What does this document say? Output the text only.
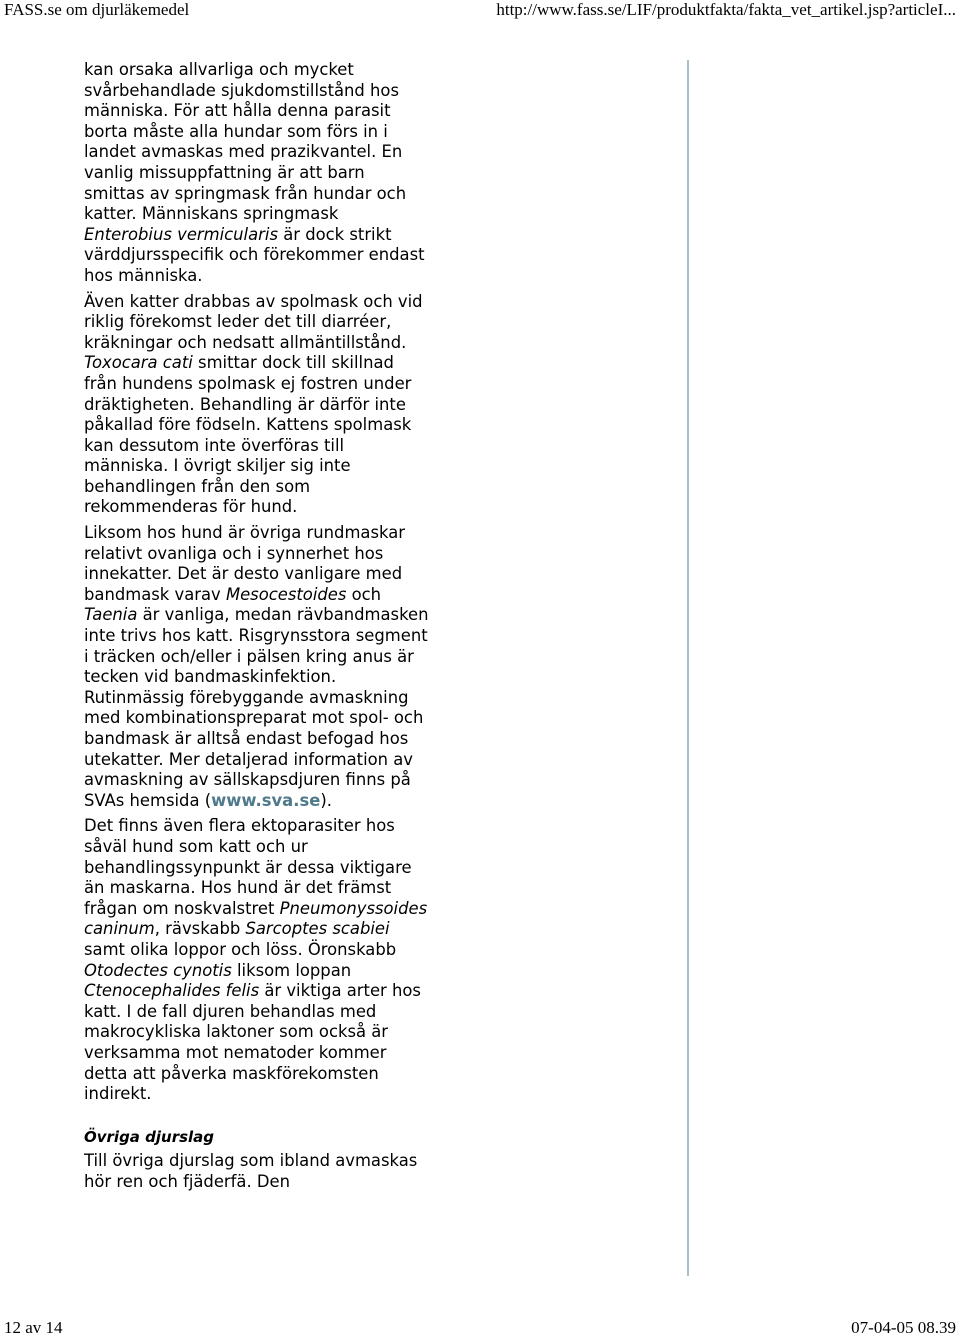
FASS.se om djurläkemedel	http://www.fass.se/LIF/produktfakta/fakta_vet_artikel.jsp?articleI...

kan orsaka allvarliga och mycket svårbehandlade sjukdomstillstånd hos människa. För att hålla denna parasit borta måste alla hundar som förs in i landet avmaskas med prazikvantel. En vanlig missuppfattning är att barn smittas av springmask från hundar och katter. Människans springmask Enterobius vermicularis är dock strikt värddjursspecifik och förekommer endast hos människa.

Även katter drabbas av spolmask och vid riklig förekomst leder det till diarréer, kräkningar och nedsatt allmäntillstånd. Toxocara cati smittar dock till skillnad från hundens spolmask ej fostren under dräktigheten. Behandling är därför inte påkallad före födseln. Kattens spolmask kan dessutom inte överföras till människa. I övrigt skiljer sig inte behandlingen från den som rekommenderas för hund.

Liksom hos hund är övriga rundmaskar relativt ovanliga och i synnerhet hos innekatter. Det är desto vanligare med bandmask varav Mesocestoides och Taenia är vanliga, medan rävbandmasken inte trivs hos katt. Risgrynsstora segment i träcken och/eller i pälsen kring anus är tecken vid bandmaskinfektion. Rutinmässig förebyggande avmaskning med kombinationspreparat mot spol- och bandmask är alltså endast befogad hos utekatter. Mer detaljerad information av avmaskning av sällskapsdjuren finns på SVAs hemsida (www.sva.se).

Det finns även flera ektoparasiter hos såväl hund som katt och ur behandlingssynpunkt är dessa viktigare än maskarna. Hos hund är det främst frågan om noskvalstret Pneumonyssoides caninum, rävskabb Sarcoptes scabiei samt olika loppor och löss. Öronskabb Otodectes cynotis liksom loppan Ctenocephalides felis är viktiga arter hos katt. I de fall djuren behandlas med makrocykliska laktoner som också är verksamma mot nematoder kommer detta att påverka maskförekomsten indirekt.

Övriga djurslag

Till övriga djurslag som ibland avmaskas hör ren och fjäderfä. Den

12 av 14	07-04-05 08.39
